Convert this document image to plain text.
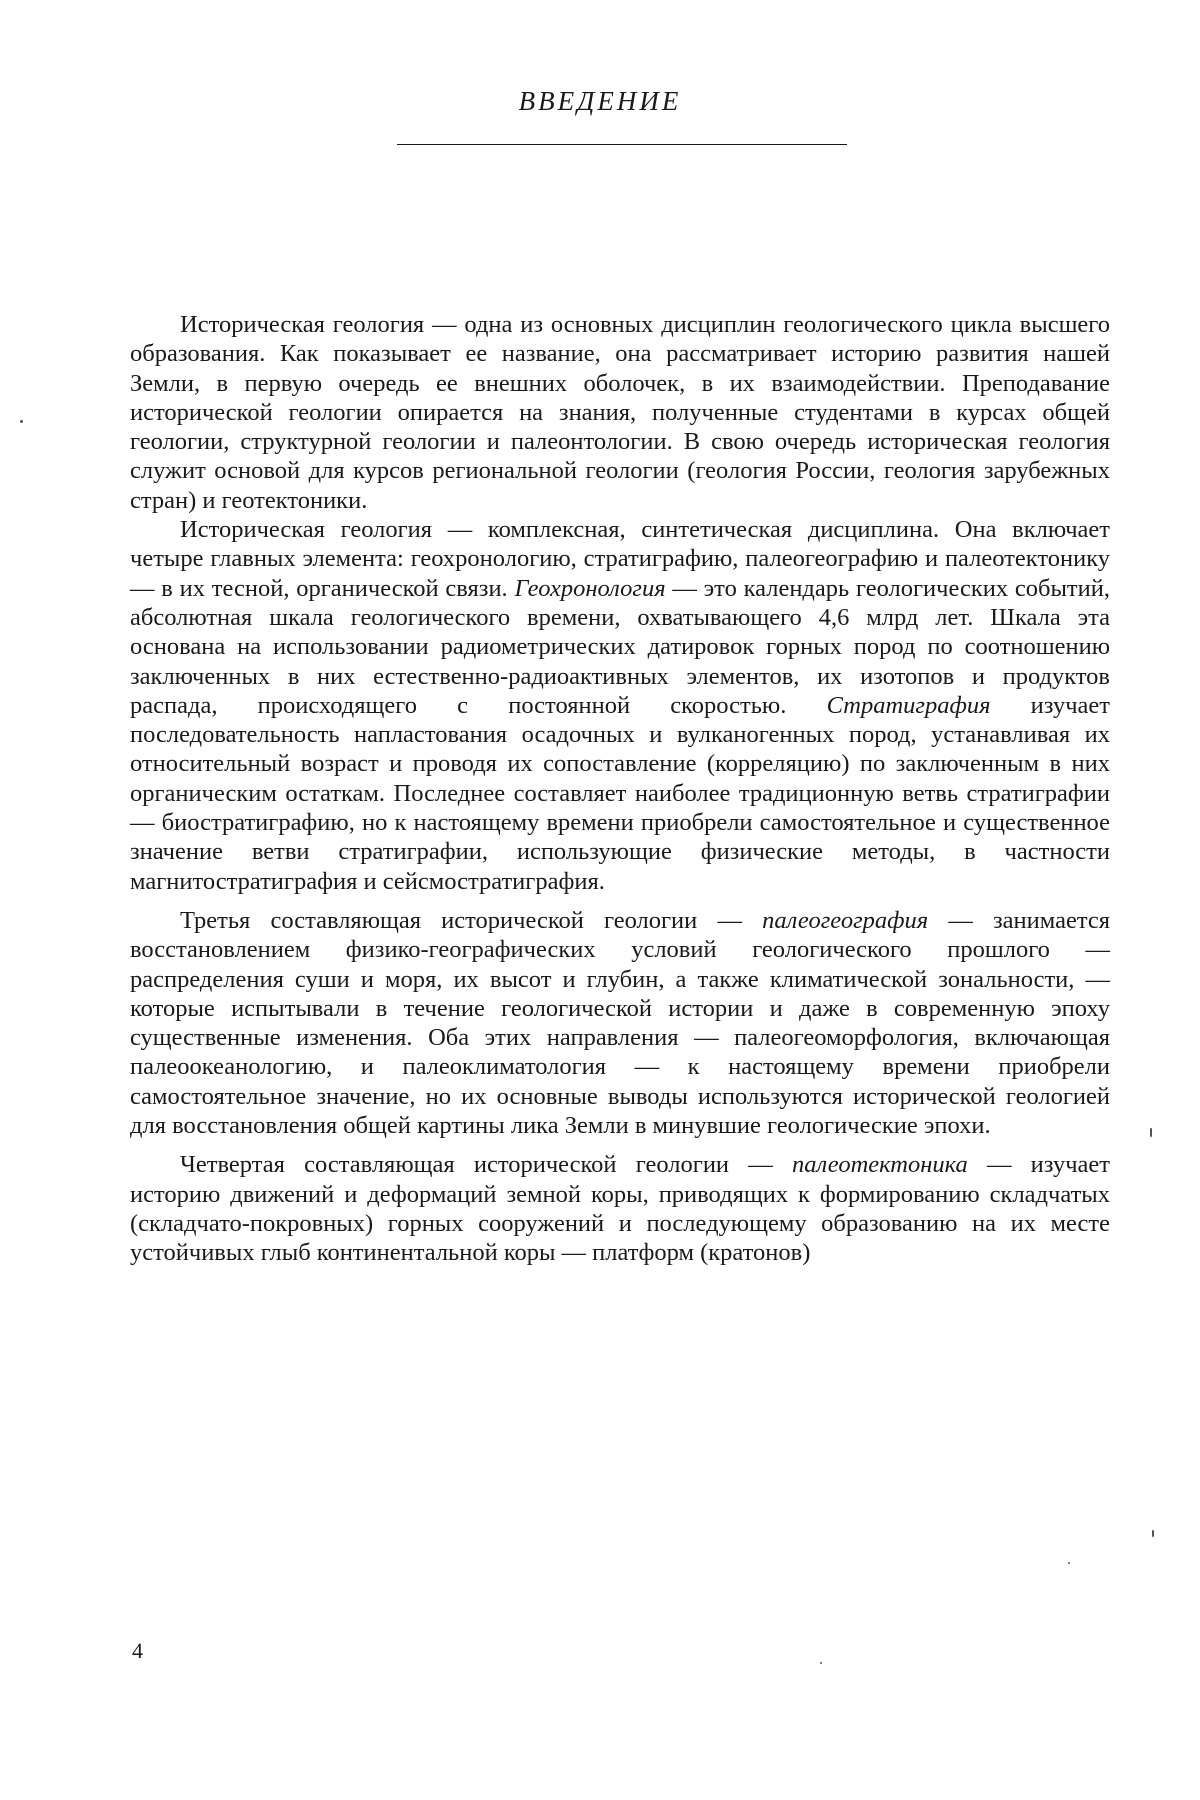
ВВЕДЕНИЕ

Историческая геология — одна из основных дисциплин геологического цикла высшего образования. Как показывает ее название, она рассматривает историю развития нашей Земли, в первую очередь ее внешних оболочек, в их взаимодействии. Преподавание исторической геологии опирается на знания, полученные студентами в курсах общей геологии, структурной геологии и палеонтологии. В свою очередь историческая геология служит основой для курсов региональной геологии (геология России, геология зарубежных стран) и геотектоники.

Историческая геология — комплексная, синтетическая дисциплина. Она включает четыре главных элемента: геохронологию, стратиграфию, палеогеографию и палеотектонику — в их тесной, органической связи. Геохронология — это календарь геологических событий, абсолютная шкала геологического времени, охватывающего 4,6 млрд лет. Шкала эта основана на использовании радиометрических датировок горных пород по соотношению заключенных в них естественно-радиоактивных элементов, их изотопов и продуктов распада, происходящего с постоянной скоростью. Стратиграфия изучает последовательность напластования осадочных и вулканогенных пород, устанавливая их относительный возраст и проводя их сопоставление (корреляцию) по заключенным в них органическим остаткам. Последнее составляет наиболее традиционную ветвь стратиграфии — биостратиграфию, но к настоящему времени приобрели самостоятельное и существенное значение ветви стратиграфии, использующие физические методы, в частности магнитостратиграфия и сейсмостратиграфия.

Третья составляющая исторической геологии — палеогеография — занимается восстановлением физико-географических условий геологического прошлого — распределения суши и моря, их высот и глубин, а также климатической зональности, — которые испытывали в течение геологической истории и даже в современную эпоху существенные изменения. Оба этих направления — палеогеоморфология, включающая палеоокеанологию, и палеоклиматология — к настоящему времени приобрели самостоятельное значение, но их основные выводы используются исторической геологией для восстановления общей картины лика Земли в минувшие геологические эпохи.

Четвертая составляющая исторической геологии — палеотектоника — изучает историю движений и деформаций земной коры, приводящих к формированию складчатых (складчато-покровных) горных сооружений и последующему образованию на их месте устойчивых глыб континентальной коры — платформ (кратонов)

4
